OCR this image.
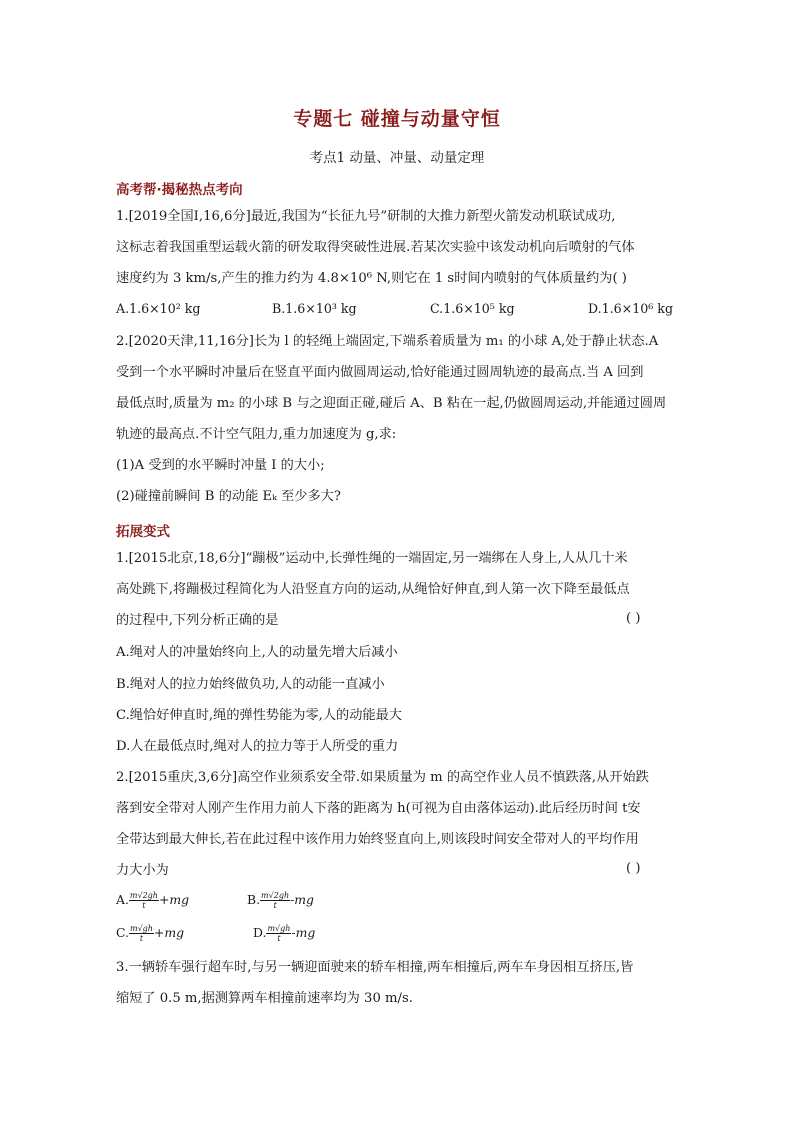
专题七 碰撞与动量守恒
考点1 动量、冲量、动量定理
高考帮·揭秘热点考向
1.[2019全国Ⅰ,16,6分]最近,我国为“长征九号”研制的大推力新型火箭发动机联试成功,
这标志着我国重型运载火箭的研发取得突破性进展.若某次实验中该发动机向后喷射的气体
速度约为 3 km/s,产生的推力约为 4.8×10⁶ N,则它在 1 s时间内喷射的气体质量约为( )
A.1.6×10² kg	B.1.6×10³ kg	C.1.6×10⁵ kg	D.1.6×10⁶ kg
2.[2020天津,11,16分]长为 l 的轻绳上端固定,下端系着质量为 m₁ 的小球 A,处于静止状态.A
受到一个水平瞬时冲量后在竖直平面内做圆周运动,恰好能通过圆周轨迹的最高点.当 A 回到
最低点时,质量为 m₂ 的小球 B 与之迎面正碰,碰后 A、B 粘在一起,仍做圆周运动,并能通过圆周
轨迹的最高点.不计空气阻力,重力加速度为 g,求:
(1)A 受到的水平瞬时冲量 I 的大小;
(2)碰撞前瞬间 B 的动能 Eₖ 至少多大?
拓展变式
1.[2015北京,18,6分]“蹦极”运动中,长弹性绳的一端固定,另一端绑在人身上,人从几十米
高处跳下,将蹦极过程简化为人沿竖直方向的运动,从绳恰好伸直,到人第一次下降至最低点
的过程中,下列分析正确的是	( )
A.绳对人的冲量始终向上,人的动量先增大后减小
B.绳对人的拉力始终做负功,人的动能一直减小
C.绳恰好伸直时,绳的弹性势能为零,人的动能最大
D.人在最低点时,绳对人的拉力等于人所受的重力
2.[2015重庆,3,6分]高空作业须系安全带.如果质量为 m 的高空作业人员不慎跌落,从开始跌
落到安全带对人刚产生作用力前人下落的距离为 h(可视为自由落体运动).此后经历时间 t安
全带达到最大伸长,若在此过程中该作用力始终竖直向上,则该段时间安全带对人的平均作用
力大小为	( )
A. $\frac{m√2gh}{t} +mg$	B. $\frac{m√2gh}{t} -mg$
C. $\frac{m√gh}{t} +mg$	D. $\frac{m√gh}{t} -mg$
3.一辆轿车强行超车时,与另一辆迎面驶来的轿车相撞,两车相撞后,两车车身因相互挤压,皆
缩短了 0.5 m,据测算两车相撞前速率均为 30 m/s.
